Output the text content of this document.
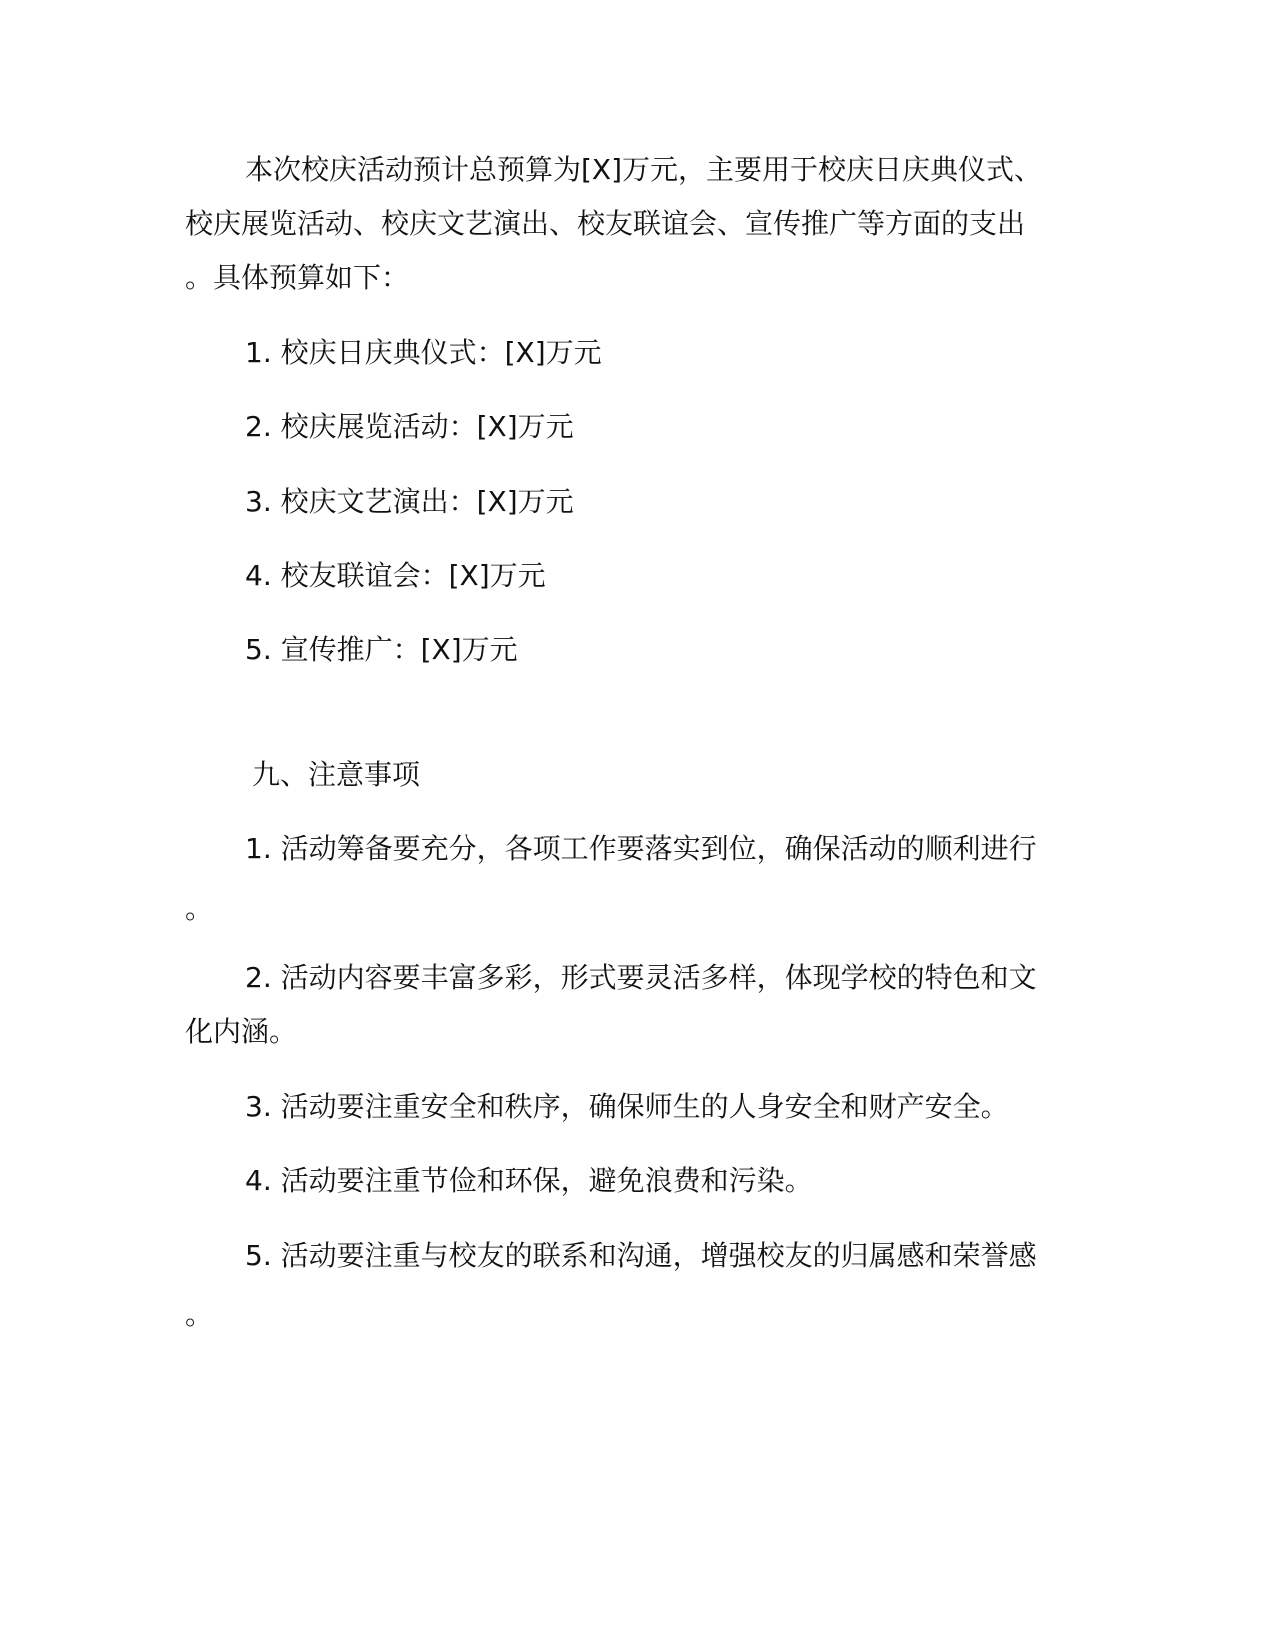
本次校庆活动预计总预算为[X]万元，主要用于校庆日庆典仪式、
校庆展览活动、校庆文艺演出、校友联谊会、宣传推广等方面的支出
。具体预算如下：
1. 校庆日庆典仪式：[X]万元
2. 校庆展览活动：[X]万元
3. 校庆文艺演出：[X]万元
4. 校友联谊会：[X]万元
5. 宣传推广：[X]万元
九、注意事项
1. 活动筹备要充分，各项工作要落实到位，确保活动的顺利进行
。
2. 活动内容要丰富多彩，形式要灵活多样，体现学校的特色和文
化内涵。
3. 活动要注重安全和秩序，确保师生的人身安全和财产安全。
4. 活动要注重节俭和环保，避免浪费和污染。
5. 活动要注重与校友的联系和沟通，增强校友的归属感和荣誉感
。
